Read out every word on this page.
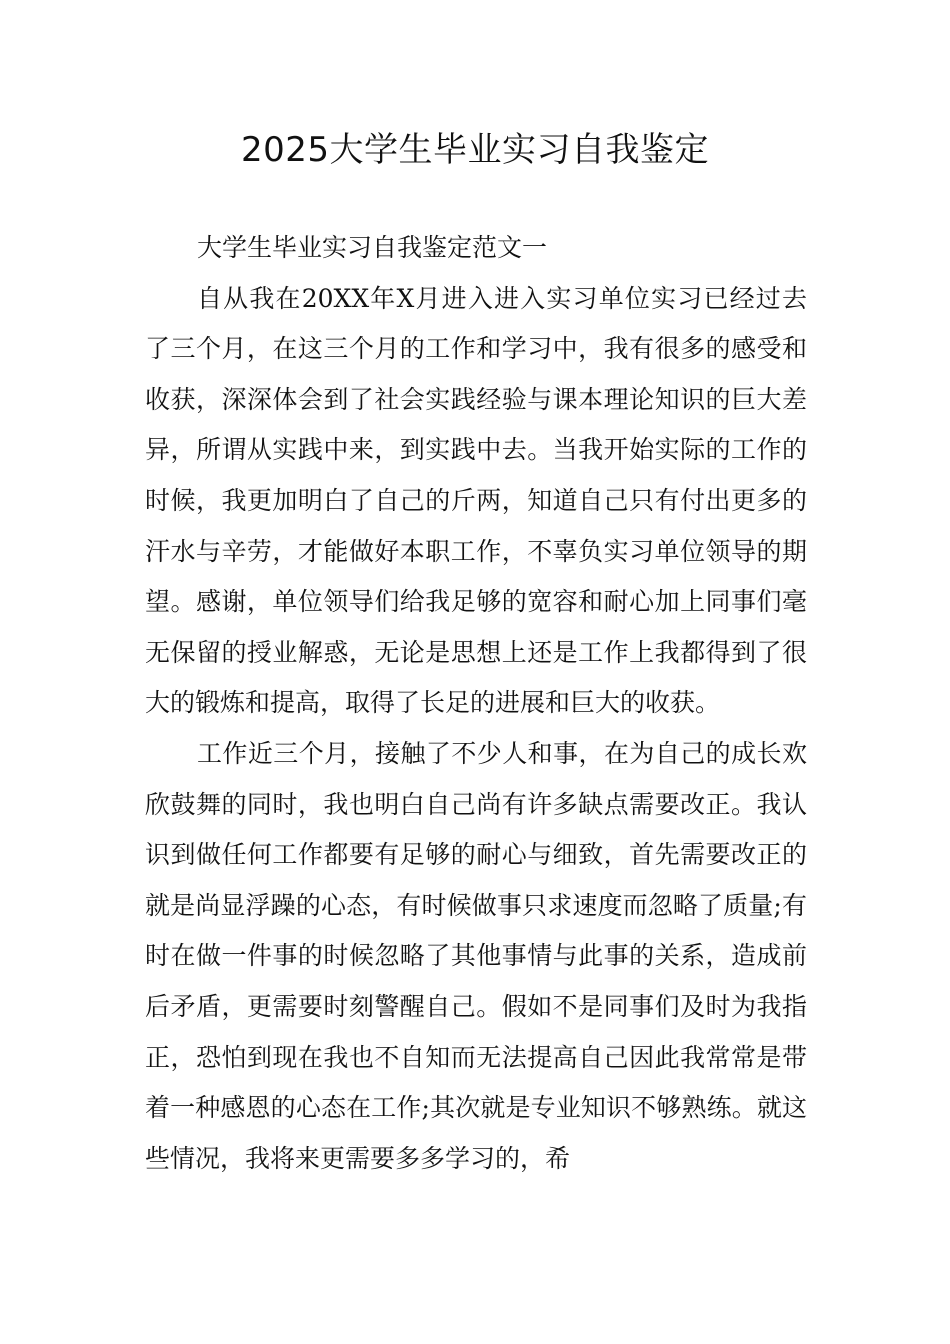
2025大学生毕业实习自我鉴定

大学生毕业实习自我鉴定范文一

自从我在20XX年X月进入进入实习单位实习已经过去了三个月，在这三个月的工作和学习中，我有很多的感受和收获，深深体会到了社会实践经验与课本理论知识的巨大差异，所谓从实践中来，到实践中去。当我开始实际的工作的时候，我更加明白了自己的斤两，知道自己只有付出更多的汗水与辛劳，才能做好本职工作，不辜负实习单位领导的期望。感谢，单位领导们给我足够的宽容和耐心加上同事们毫无保留的授业解惑，无论是思想上还是工作上我都得到了很大的锻炼和提高，取得了长足的进展和巨大的收获。

工作近三个月，接触了不少人和事，在为自己的成长欢欣鼓舞的同时，我也明白自己尚有许多缺点需要改正。我认识到做任何工作都要有足够的耐心与细致，首先需要改正的就是尚显浮躁的心态，有时候做事只求速度而忽略了质量;有时在做一件事的时候忽略了其他事情与此事的关系，造成前后矛盾，更需要时刻警醒自己。假如不是同事们及时为我指正，恐怕到现在我也不自知而无法提高自己因此我常常是带着一种感恩的心态在工作;其次就是专业知识不够熟练。就这些情况，我将来更需要多多学习的，希
